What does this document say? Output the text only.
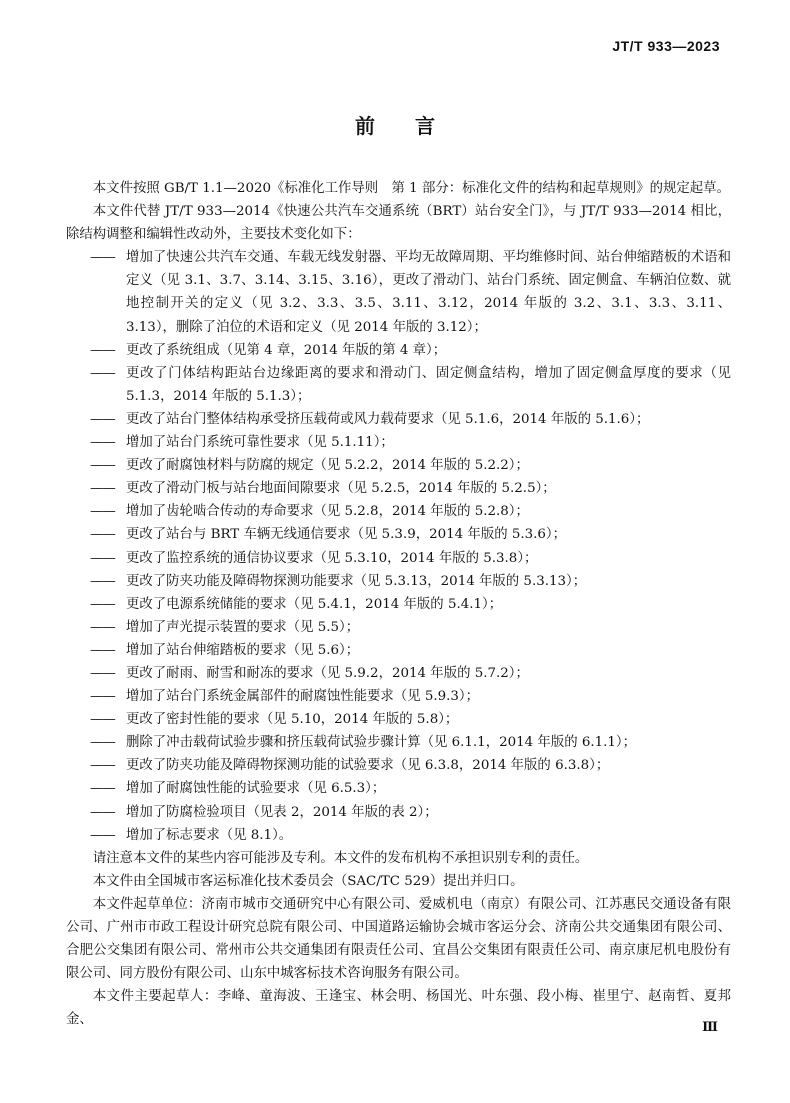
JT/T 933—2023
前言

本文件按照 GB/T 1.1—2020《标准化工作导则　第 1 部分：标准化文件的结构和起草规则》的规定起草。

本文件代替 JT/T 933—2014《快速公共汽车交通系统（BRT）站台安全门》，与 JT/T 933—2014 相比，除结构调整和编辑性改动外，主要技术变化如下：

—— 增加了快速公共汽车交通、车载无线发射器、平均无故障周期、平均维修时间、站台伸缩踏板的术语和定义（见 3.1、3.7、3.14、3.15、3.16），更改了滑动门、站台门系统、固定侧盒、车辆泊位数、就地控制开关的定义（见 3.2、3.3、3.5、3.11、3.12，2014 年版的 3.2、3.1、3.3、3.11、3.13），删除了泊位的术语和定义（见 2014 年版的 3.12）；
—— 更改了系统组成（见第 4 章，2014 年版的第 4 章）；
—— 更改了门体结构距站台边缘距离的要求和滑动门、固定侧盒结构，增加了固定侧盒厚度的要求（见 5.1.3，2014 年版的 5.1.3）；
—— 更改了站台门整体结构承受挤压载荷或风力载荷要求（见 5.1.6，2014 年版的 5.1.6）；
—— 增加了站台门系统可靠性要求（见 5.1.11）；
—— 更改了耐腐蚀材料与防腐的规定（见 5.2.2，2014 年版的 5.2.2）；
—— 更改了滑动门板与站台地面间隙要求（见 5.2.5，2014 年版的 5.2.5）；
—— 增加了齿轮啮合传动的寿命要求（见 5.2.8，2014 年版的 5.2.8）；
—— 更改了站台与 BRT 车辆无线通信要求（见 5.3.9，2014 年版的 5.3.6）；
—— 更改了监控系统的通信协议要求（见 5.3.10，2014 年版的 5.3.8）；
—— 更改了防夹功能及障碍物探测功能要求（见 5.3.13，2014 年版的 5.3.13）；
—— 更改了电源系统储能的要求（见 5.4.1，2014 年版的 5.4.1）；
—— 增加了声光提示装置的要求（见 5.5）；
—— 增加了站台伸缩踏板的要求（见 5.6）；
—— 更改了耐雨、耐雪和耐冻的要求（见 5.9.2，2014 年版的 5.7.2）；
—— 增加了站台门系统金属部件的耐腐蚀性能要求（见 5.9.3）；
—— 更改了密封性能的要求（见 5.10，2014 年版的 5.8）；
—— 删除了冲击载荷试验步骤和挤压载荷试验步骤计算（见 6.1.1，2014 年版的 6.1.1）；
—— 更改了防夹功能及障碍物探测功能的试验要求（见 6.3.8，2014 年版的 6.3.8）；
—— 增加了耐腐蚀性能的试验要求（见 6.5.3）；
—— 增加了防腐检验项目（见表 2，2014 年版的表 2）；
—— 增加了标志要求（见 8.1）。

请注意本文件的某些内容可能涉及专利。本文件的发布机构不承担识别专利的责任。

本文件由全国城市客运标准化技术委员会（SAC/TC 529）提出并归口。

本文件起草单位：济南市城市交通研究中心有限公司、爱威机电（南京）有限公司、江苏惠民交通设备有限公司、广州市市政工程设计研究总院有限公司、中国道路运输协会城市客运分会、济南公共交通集团有限公司、合肥公交集团有限公司、常州市公共交通集团有限责任公司、宜昌公交集团有限责任公司、南京康尼机电股份有限公司、同方股份有限公司、山东中城客标技术咨询服务有限公司。

本文件主要起草人：李峰、童海波、王逢宝、林会明、杨国光、叶东强、段小梅、崔里宁、赵南哲、夏邦金、

Ⅲ
